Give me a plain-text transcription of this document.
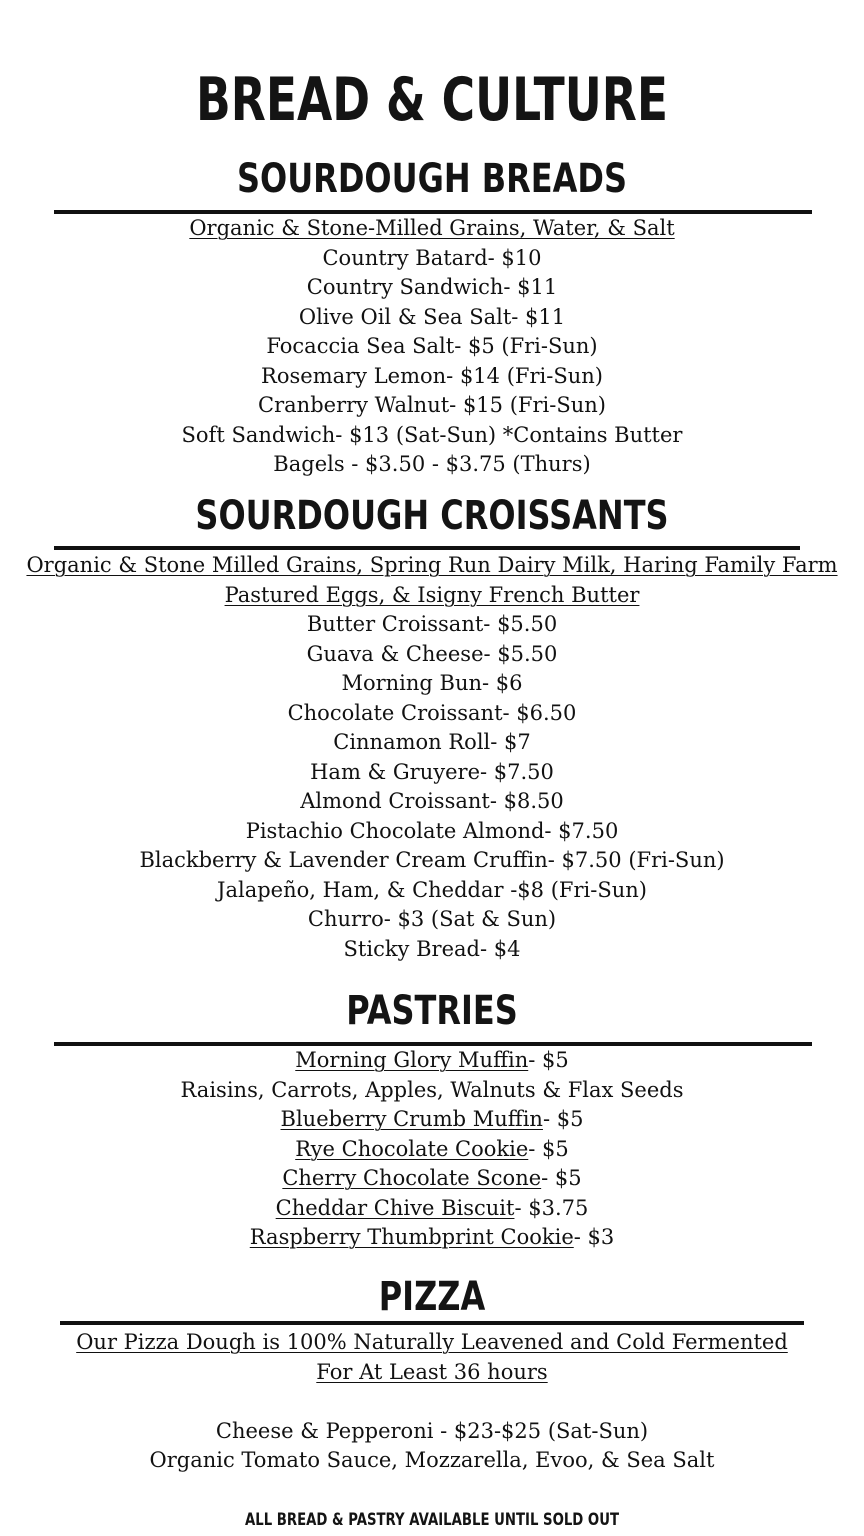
BREAD & CULTURE
SOURDOUGH BREADS
Organic & Stone-Milled Grains, Water, & Salt
Country Batard- $10
Country Sandwich- $11
Olive Oil & Sea Salt- $11
Focaccia Sea Salt- $5 (Fri-Sun)
Rosemary Lemon- $14 (Fri-Sun)
Cranberry Walnut- $15 (Fri-Sun)
Soft Sandwich- $13 (Sat-Sun) *Contains Butter
Bagels - $3.50 - $3.75 (Thurs)
SOURDOUGH CROISSANTS
Organic & Stone Milled Grains, Spring Run Dairy Milk, Haring Family Farm
Pastured Eggs, & Isigny French Butter
Butter Croissant- $5.50
Guava & Cheese- $5.50
Morning Bun- $6
Chocolate Croissant- $6.50
Cinnamon Roll- $7
Ham & Gruyere- $7.50
Almond Croissant- $8.50
Pistachio Chocolate Almond- $7.50
Blackberry & Lavender Cream Cruffin- $7.50 (Fri-Sun)
Jalapeño, Ham, & Cheddar -$8 (Fri-Sun)
Churro- $3 (Sat & Sun)
Sticky Bread- $4
PASTRIES
Morning Glory Muffin- $5
Raisins, Carrots, Apples, Walnuts & Flax Seeds
Blueberry Crumb Muffin- $5
Rye Chocolate Cookie- $5
Cherry Chocolate Scone- $5
Cheddar Chive Biscuit- $3.75
Raspberry Thumbprint Cookie- $3
PIZZA
Our Pizza Dough is 100% Naturally Leavened and Cold Fermented
For At Least 36 hours
Cheese & Pepperoni - $23-$25 (Sat-Sun)
Organic Tomato Sauce, Mozzarella, Evoo, & Sea Salt
ALL BREAD & PASTRY AVAILABLE UNTIL SOLD OUT
